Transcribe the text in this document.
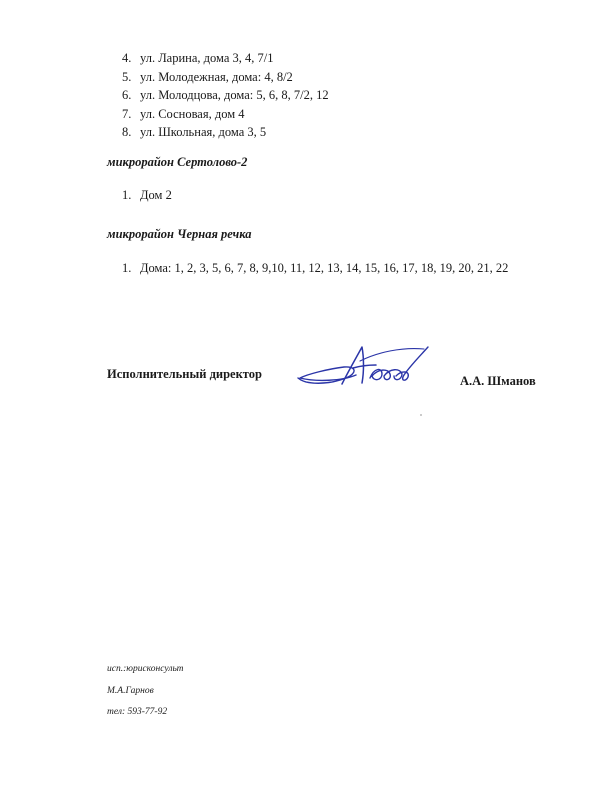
4. ул. Ларина, дома 3, 4, 7/1
5. ул. Молодежная, дома: 4, 8/2
6. ул. Молодцова, дома: 5, 6, 8, 7/2, 12
7. ул. Сосновая, дом 4
8. ул. Школьная, дома 3, 5
микрорайон Сертолово-2
1. Дом 2
микрорайон Черная речка
1. Дома: 1, 2, 3, 5, 6, 7, 8, 9,10, 11, 12, 13, 14, 15, 16, 17, 18, 19, 20, 21, 22
Исполнительный директор	А.А. Шманов
исп.:юрисконсульт
М.А.Гарнов
тел: 593-77-92
